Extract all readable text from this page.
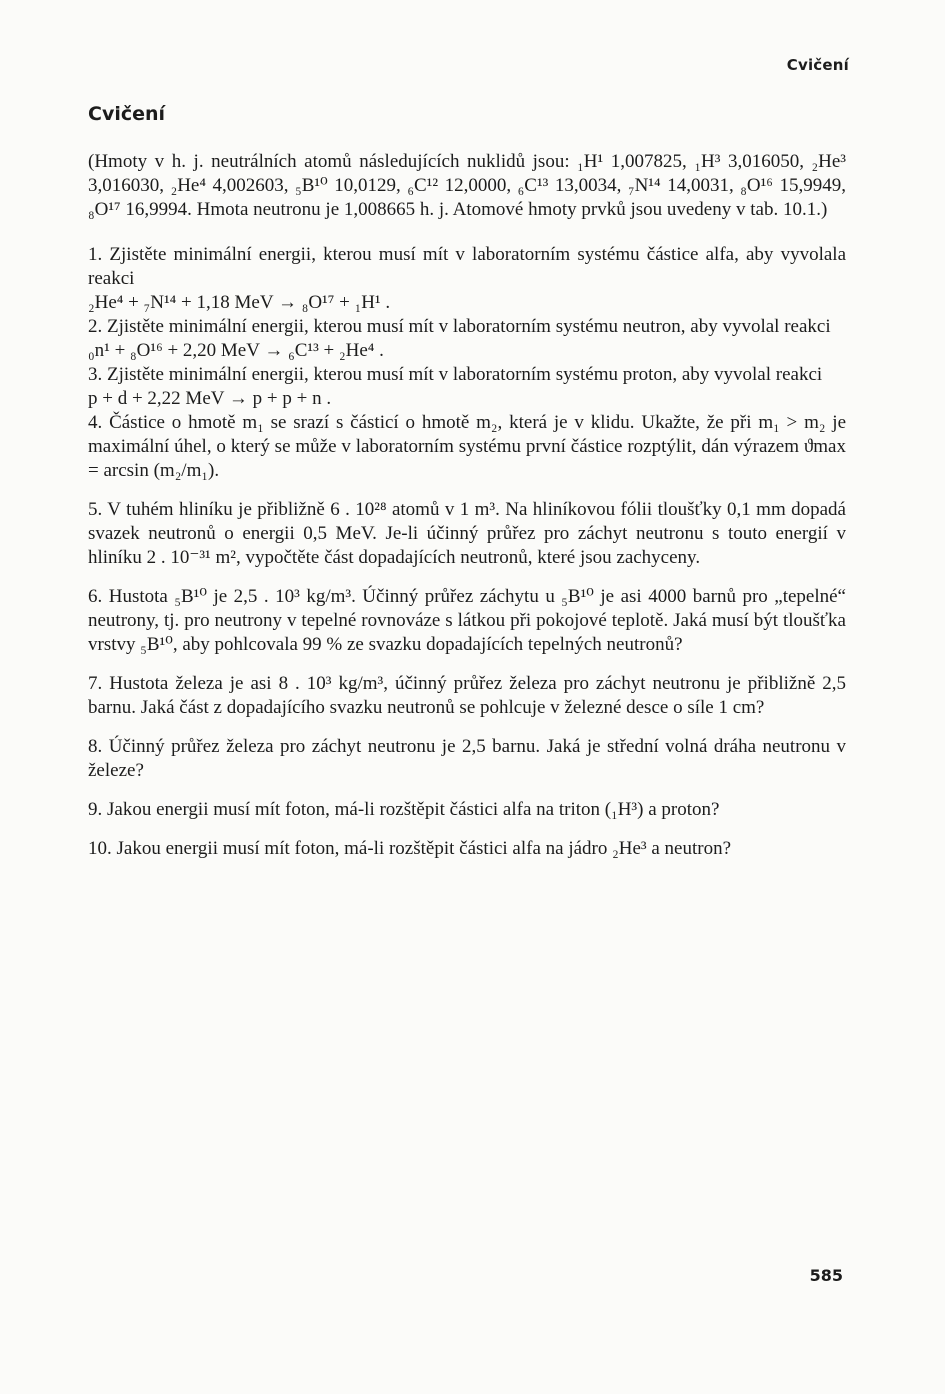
Cvičení
Cvičení

(Hmoty v h. j. neutrálních atomů následujících nuklidů jsou: ₁H¹ 1,007825, ₁H³ 3,016050, ₂He³ 3,016030, ₂He⁴ 4,002603, ₅B¹⁰ 10,0129, ₆C¹² 12,0000, ₆C¹³ 13,0034, ₇N¹⁴ 14,0031, ₈O¹⁶ 15,9949, ₈O¹⁷ 16,9994. Hmota neutronu je 1,008665 h. j. Atomové hmoty prvků jsou uvedeny v tab. 10.1.)

1. Zjistěte minimální energii, kterou musí mít v laboratorním systému částice alfa, aby vyvolala reakci

₂He⁴ + ₇N¹⁴ + 1,18 MeV → ₈O¹⁷ + ₁H¹ .

2. Zjistěte minimální energii, kterou musí mít v laboratorním systému neutron, aby vyvolal reakci

₀n¹ + ₈O¹⁶ + 2,20 MeV → ₆C¹³ + ₂He⁴ .

3. Zjistěte minimální energii, kterou musí mít v laboratorním systému proton, aby vyvolal reakci

p + d + 2,22 MeV → p + p + n .

4. Částice o hmotě m₁ se srazí s částicí o hmotě m₂, která je v klidu. Ukažte, že při m₁ > m₂ je maximální úhel, o který se může v laboratorním systému první částice rozptýlit, dán výrazem ϑmax = arcsin (m₂/m₁).

5. V tuhém hliníku je přibližně 6 . 10²⁸ atomů v 1 m³. Na hliníkovou fólii tloušťky 0,1 mm dopadá svazek neutronů o energii 0,5 MeV. Je-li účinný průřez pro záchyt neutronu s touto energií v hliníku 2 . 10⁻³¹ m², vypočtěte část dopadajících neutronů, které jsou zachyceny.

6. Hustota ₅B¹⁰ je 2,5 . 10³ kg/m³. Účinný průřez záchytu u ₅B¹⁰ je asi 4000 barnů pro „tepelné“ neutrony, tj. pro neutrony v tepelné rovnováze s látkou při pokojové teplotě. Jaká musí být tloušťka vrstvy ₅B¹⁰, aby pohlcovala 99 % ze svazku dopadajících tepelných neutronů?

7. Hustota železa je asi 8 . 10³ kg/m³, účinný průřez železa pro záchyt neutronu je přibližně 2,5 barnu. Jaká část z dopadajícího svazku neutronů se pohlcuje v železné desce o síle 1 cm?

8. Účinný průřez železa pro záchyt neutronu je 2,5 barnu. Jaká je střední volná dráha neutronu v železe?

9. Jakou energii musí mít foton, má-li rozštěpit částici alfa na triton (₁H³) a proton?

10. Jakou energii musí mít foton, má-li rozštěpit částici alfa na jádro ₂He³ a neutron?

585
